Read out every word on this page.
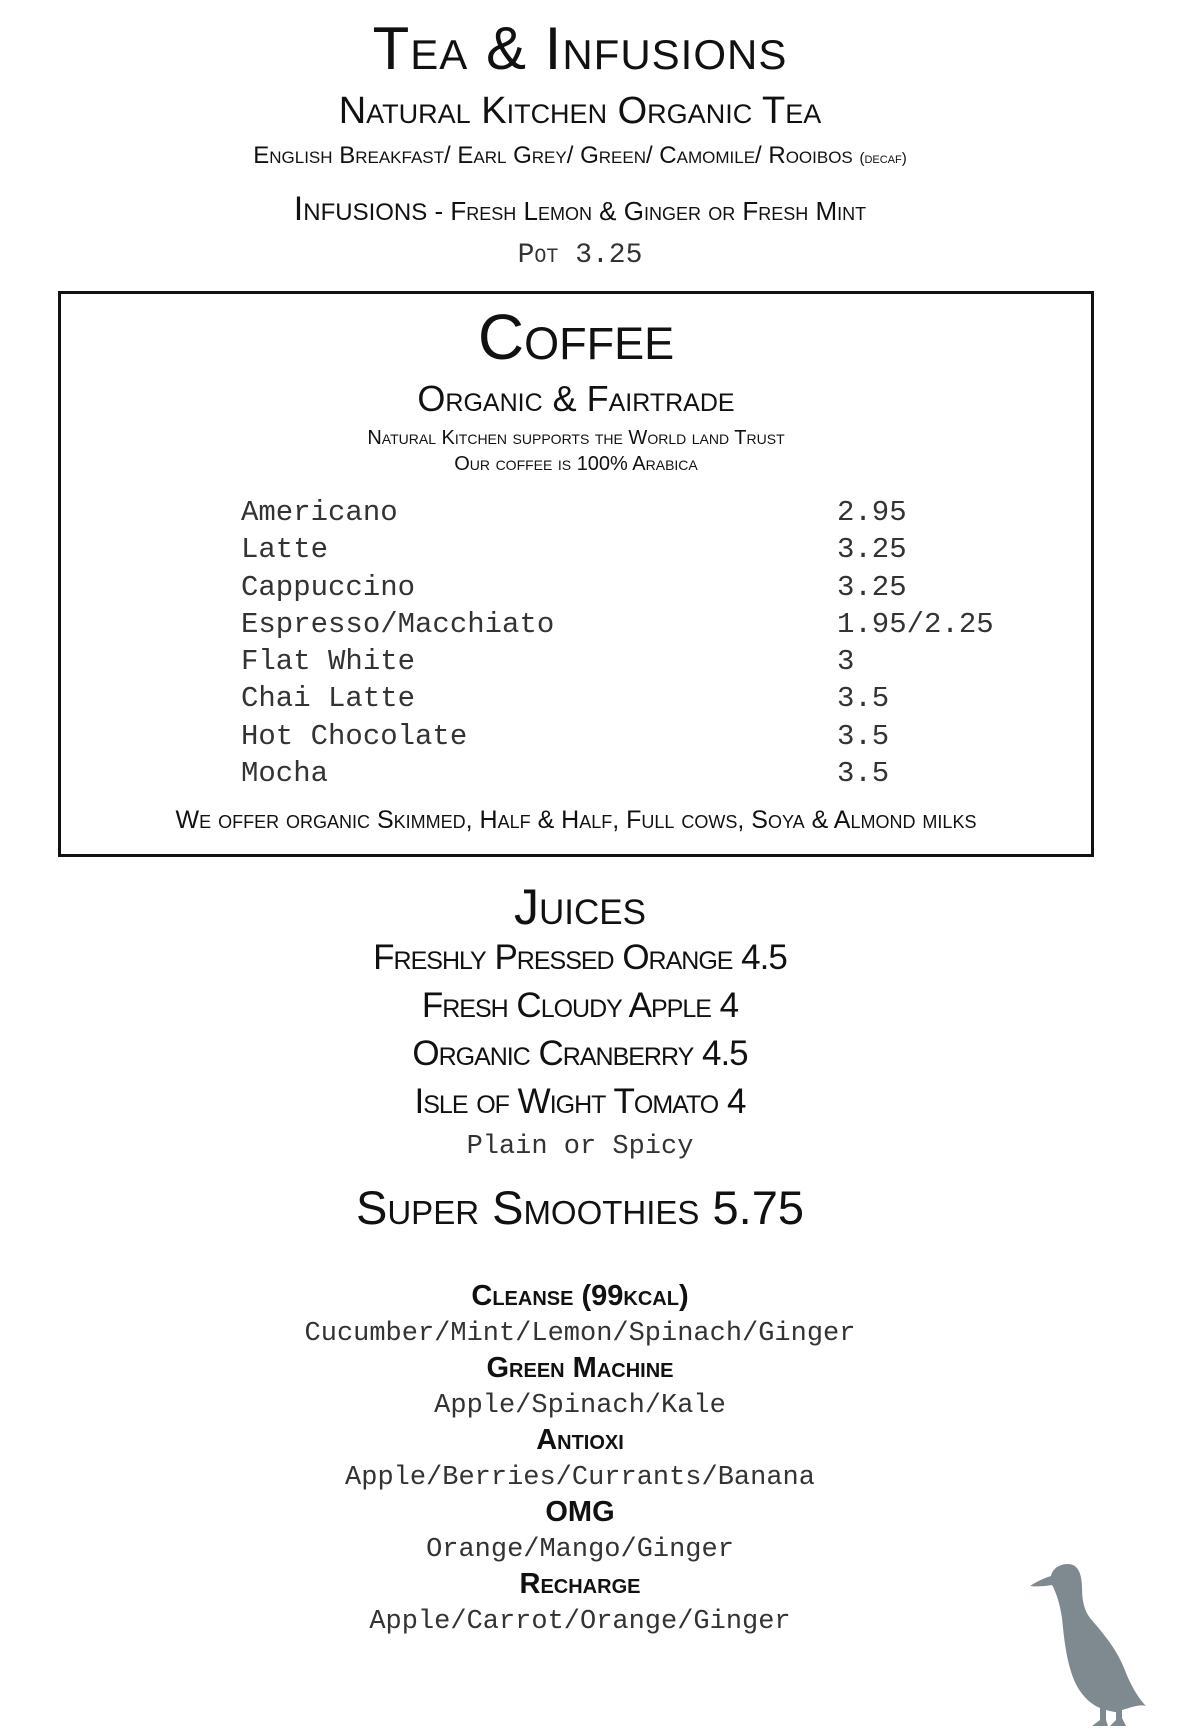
Tea & Infusions
Natural Kitchen Organic Tea
English Breakfast/ Earl Grey/ Green/ Camomile/ Rooibos (decaf)
Infusions - Fresh Lemon & Ginger or Fresh Mint
Pot 3.25
Coffee
Organic & Fairtrade
Natural Kitchen supports the World land Trust
Our coffee is 100% Arabica
Americano	2.95
Latte	3.25
Cappuccino	3.25
Espresso/Macchiato	1.95/2.25
Flat White	3
Chai Latte	3.5
Hot Chocolate	3.5
Mocha	3.5
We offer organic Skimmed, Half & Half, Full cows, Soya & Almond milks
Juices
Freshly Pressed Orange 4.5
Fresh Cloudy Apple 4
Organic Cranberry 4.5
Isle of Wight Tomato 4
Plain or Spicy
Super Smoothies 5.75
Cleanse (99kcal)
Cucumber/Mint/Lemon/Spinach/Ginger
Green Machine
Apple/Spinach/Kale
Antioxi
Apple/Berries/Currants/Banana
OMG
Orange/Mango/Ginger
Recharge
Apple/Carrot/Orange/Ginger
